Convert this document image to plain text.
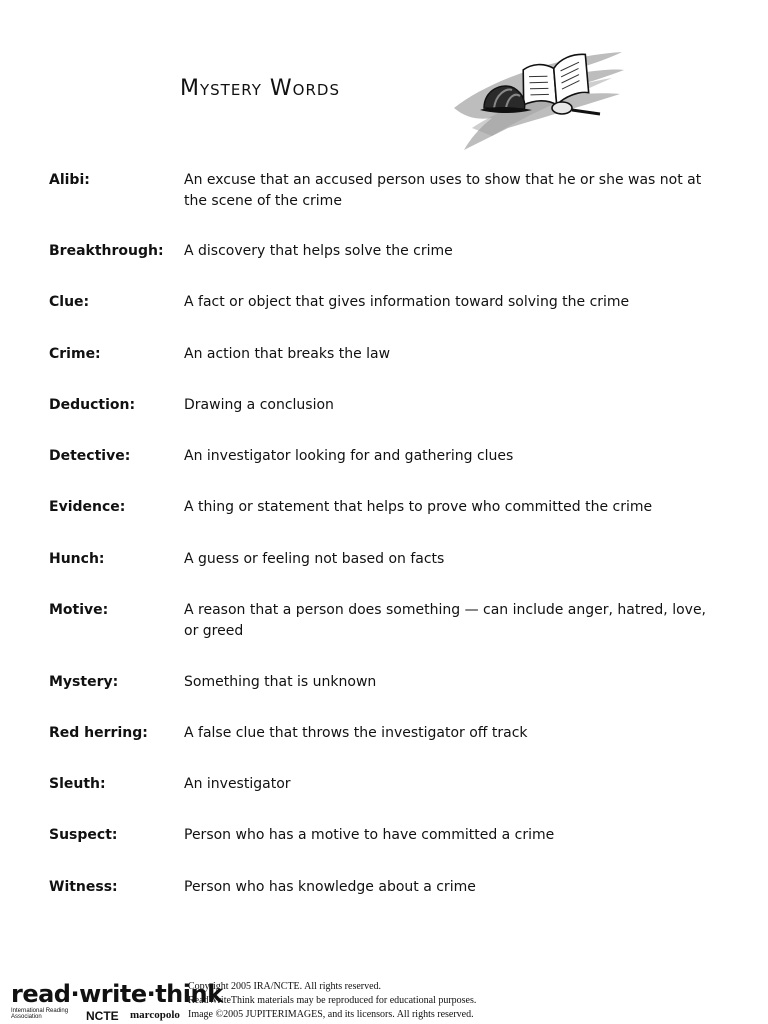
Mystery Words
Alibi:	An excuse that an accused person uses to show that he or she was not at the scene of the crime
Breakthrough: A discovery that helps solve the crime
Clue:	A fact or object that gives information toward solving the crime
Crime:	An action that breaks the law
Deduction:	Drawing a conclusion
Detective:	An investigator looking for and gathering clues
Evidence:	A thing or statement that helps to prove who committed the crime
Hunch:	A guess or feeling not based on facts
Motive:	A reason that a person does something — can include anger, hatred, love, or greed
Mystery:	Something that is unknown
Red herring:	A false clue that throws the investigator off track
Sleuth:	An investigator
Suspect:	Person who has a motive to have committed a crime
Witness:	Person who has knowledge about a crime
read·write·think
International Reading Association	NCTE marcopolo
Copyright 2005 IRA/NCTE. All rights reserved.
ReadWriteThink materials may be reproduced for educational purposes.
Image ©2005 JUPITERIMAGES, and its licensors. All rights reserved.
